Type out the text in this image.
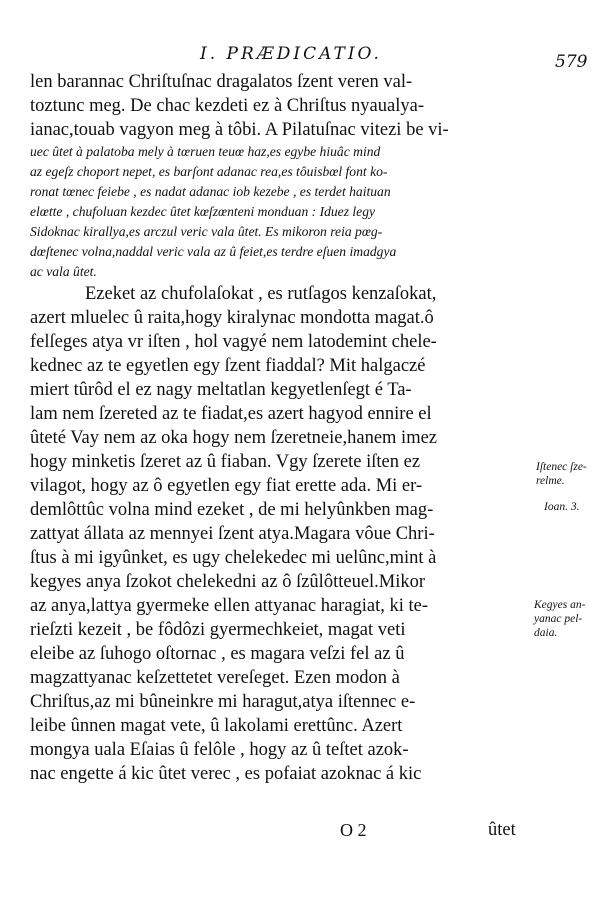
I. PRÆDICATIO.	579
len barannac Chriſtuſnac dragalatos ſzent veren val-
toztunc meg. De chac kezdeti ez à Chriſtus nyaualya-
ianac,touab vagyon meg à tôbi. A Pilatuſnac vitezi be vi-
uec ûtet à palatoba mely à tœruen teuœ haz,es egybe hiuâc mind
az egeſz choport nepet, es barſont adanac rea,es tôuisbœl font ko-
ronat tœnec feiebe , es nadat adanac iob kezebe , es terdet haituan
elœtte , chufoluan kezdec ûtet kœſzœnteni monduan : Iduez legy
Sidoknac kirallya,es arczul veric vala ûtet. Es mikoron reia pœg-
dœſtenec volna,naddal veric vala az û feiet,es terdre eſuen imadgya
ac vala ûtet.
Ezeket az chufolaſokat , es rutſagos kenzaſokat,
azert mluelec û raita,hogy kiralynac mondotta magat.ô
felſeges atya vr iſten , hol vagyé nem latodemint chele-
kednec az te egyetlen egy ſzent fiaddal? Mit halgaczé
miert tûrôd el ez nagy meltatlan kegyetlenſegt é Ta-
lam nem ſzereted az te fiadat,es azert hagyod ennire el
ûteté Vay nem az oka hogy nem ſzeretneie,hanem imez
hogy minketis ſzeret az û fiaban. Vgy ſzerete iſten ez
vilagot, hogy az ô egyetlen egy fiat erette ada. Mi er-
demlôttûc volna mind ezeket , de mi helyûnkben mag-
zattyat állata az mennyei ſzent atya.Magara vôue Chri-
ſtus à mi igyûnket, es ugy chelekedec mi uelûnc,mint à
kegyes anya ſzokot chelekedni az ô ſzûlôtteuel.Mikor
az anya,lattya gyermeke ellen attyanac haragiat, ki te-
rieſzti kezeit , be fôdôzi gyermechkeiet, magat veti
eleibe az ſuhogo oſtornac , es magara veſzi fel az û
magzattyanac keſzettetet vereſeget. Ezen modon à
Chriſtus,az mi bûneinkre mi haragut,atya iſtennec e-
leibe ûnnen magat vete, û lakolami erettûnc. Azert
mongya uala Eſaias û felôle , hogy az û teſtet azok-
nac engette á kic ûtet verec , es pofaiat azoknac á kic
Iſtenec ſze-
relme.
Ioan. 3.
Kegyes an-
yanac pel-
daia.
O 2	ûtet
